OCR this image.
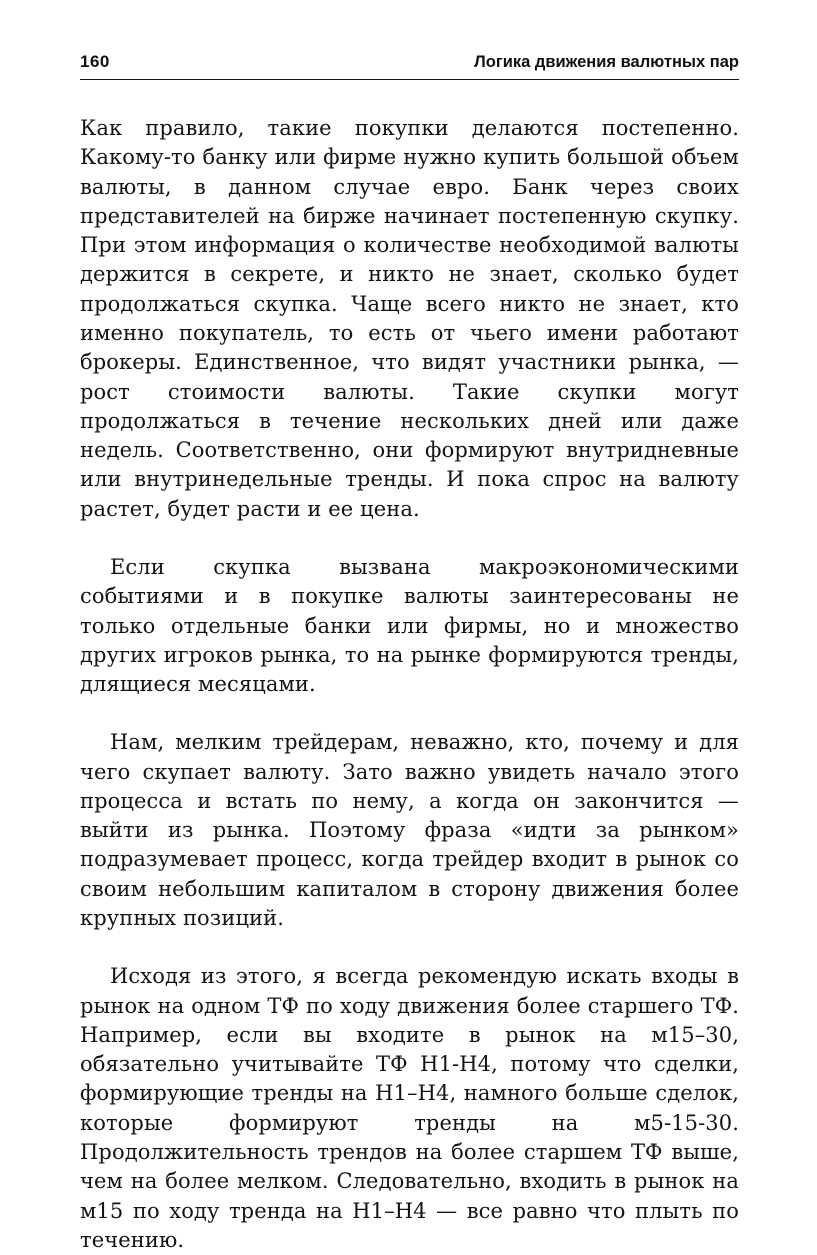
160	Логика движения валютных пар

Как правило, такие покупки делаются постепенно. Какому-то банку или фирме нужно купить большой объем валюты, в данном случае евро. Банк через своих представителей на бирже начинает постепенную скупку. При этом информация о количестве необходимой валюты держится в секрете, и никто не знает, сколько будет продолжаться скупка. Чаще всего никто не знает, кто именно покупатель, то есть от чьего имени работают брокеры. Единственное, что видят участники рынка, — рост стоимости валюты. Такие скупки могут продолжаться в течение нескольких дней или даже недель. Соответственно, они формируют внутридневные или внутринедельные тренды. И пока спрос на валюту растет, будет расти и ее цена.

Если скупка вызвана макроэкономическими событиями и в покупке валюты заинтересованы не только отдельные банки или фирмы, но и множество других игроков рынка, то на рынке формируются тренды, длящиеся месяцами.

Нам, мелким трейдерам, неважно, кто, почему и для чего скупает валюту. Зато важно увидеть начало этого процесса и встать по нему, а когда он закончится — выйти из рынка. Поэтому фраза «идти за рынком» подразумевает процесс, когда трейдер входит в рынок со своим небольшим капиталом в сторону движения более крупных позиций.

Исходя из этого, я всегда рекомендую искать входы в рынок на одном ТФ по ходу движения более старшего ТФ. Например, если вы входите в рынок на м15–30, обязательно учитывайте ТФ Н1-Н4, потому что сделки, формирующие тренды на Н1–Н4, намного больше сделок, которые формируют тренды на м5-15-30. Продолжительность трендов на более старшем ТФ выше, чем на более мелком. Следовательно, входить в рынок на м15 по ходу тренда на Н1–Н4 — все равно что плыть по течению.
